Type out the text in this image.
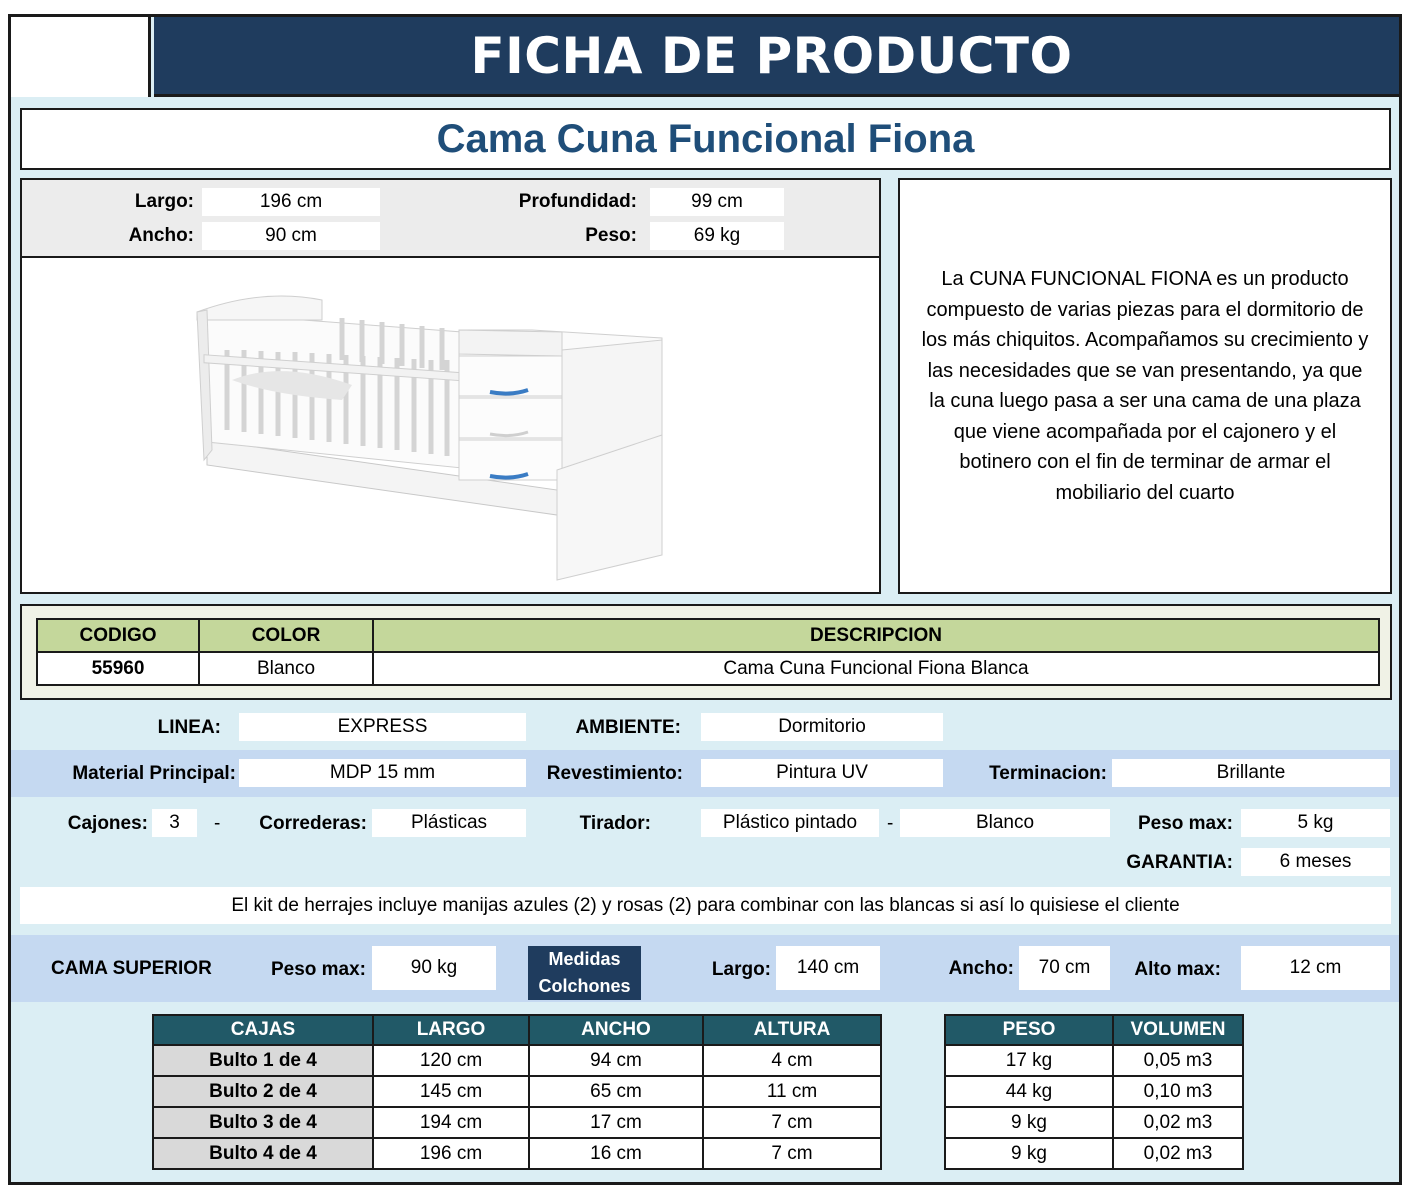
FICHA DE PRODUCTO
Cama Cuna Funcional Fiona
Largo:	196 cm	Profundidad:	99 cm
Ancho:	90 cm	Peso:	69 kg

La CUNA FUNCIONAL FIONA es un producto compuesto de varias piezas para el dormitorio de los más chiquitos. Acompañamos su crecimiento y las necesidades que se van presentando, ya que la cuna luego pasa a ser una cama de una plaza que viene acompañada por el cajonero y el botinero con el fin de terminar de armar el mobiliario del cuarto

CODIGO	COLOR	DESCRIPCION
55960	Blanco	Cama Cuna Funcional Fiona Blanca
LINEA:	EXPRESS	AMBIENTE:	Dormitorio
Material Principal:	MDP 15 mm	Revestimiento:	Pintura UV	Terminacion:	Brillante
Cajones:	3	-	Correderas:	Plásticas	Tirador:	Plástico pintado	-	Blanco	Peso max:	5 kg
GARANTIA:	6 meses
El kit de herrajes incluye manijas azules (2) y rosas (2) para combinar con las blancas si así lo quisiese el cliente
CAMA SUPERIOR	Peso max:	90 kg	Medidas
Colchones
Largo:	140 cm	Ancho:	70 cm	Alto max:	12 cm
CAJAS	LARGO	ANCHO	ALTURA
Bulto 1 de 4	120 cm	94 cm	4 cm
Bulto 2 de 4	145 cm	65 cm	11 cm
Bulto 3 de 4	194 cm	17 cm	7 cm
Bulto 4 de 4	196 cm	16 cm	7 cm
PESO	VOLUMEN
17 kg	0,05 m3
44 kg	0,10 m3
9 kg	0,02 m3
9 kg	0,02 m3
